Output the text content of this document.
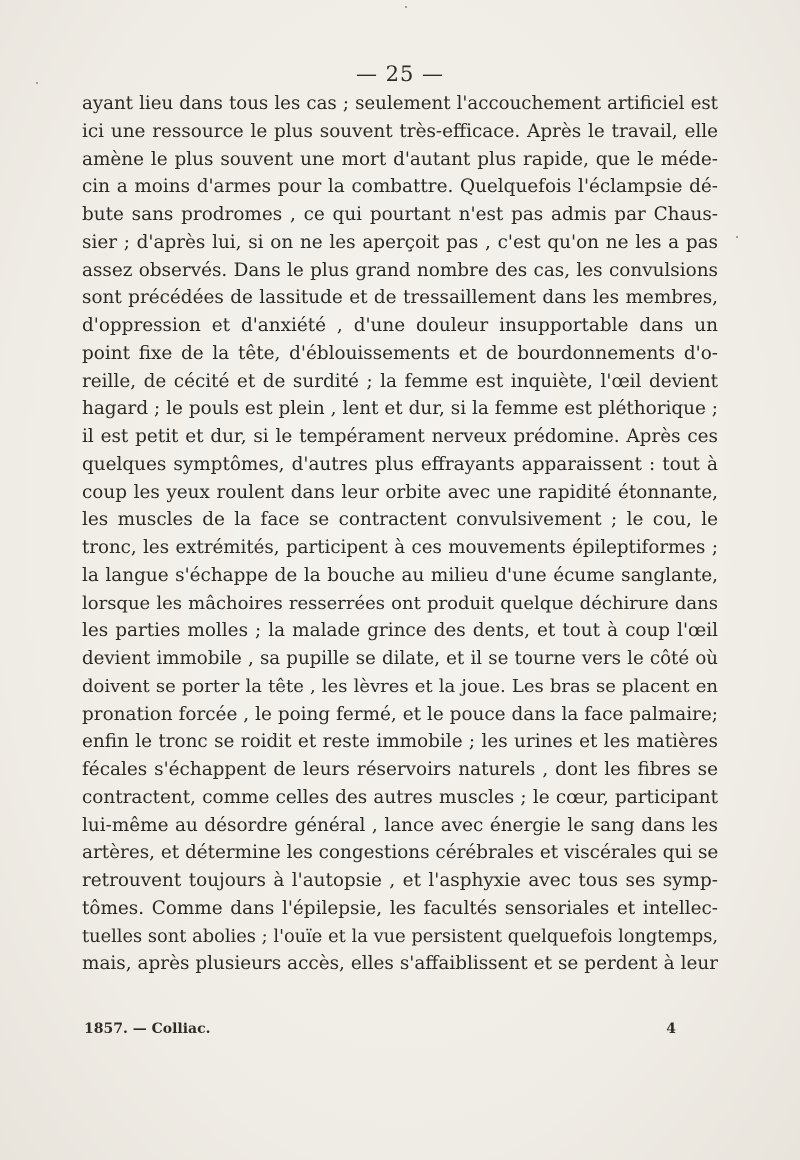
— 25 —
ayant lieu dans tous les cas ; seulement l'accouchement artificiel est
ici une ressource le plus souvent très-efficace. Après le travail, elle
amène le plus souvent une mort d'autant plus rapide, que le méde-
cin a moins d'armes pour la combattre. Quelquefois l'éclampsie dé-
bute sans prodromes , ce qui pourtant n'est pas admis par Chaus-
sier ; d'après lui, si on ne les aperçoit pas , c'est qu'on ne les a pas
assez observés. Dans le plus grand nombre des cas, les convulsions
sont précédées de lassitude et de tressaillement dans les membres,
d'oppression et d'anxiété , d'une douleur insupportable dans un
point fixe de la tête, d'éblouissements et de bourdonnements d'o-
reille, de cécité et de surdité ; la femme est inquiète, l'œil devient
hagard ; le pouls est plein , lent et dur, si la femme est pléthorique ;
il est petit et dur, si le tempérament nerveux prédomine. Après ces
quelques symptômes, d'autres plus effrayants apparaissent : tout à
coup les yeux roulent dans leur orbite avec une rapidité étonnante,
les muscles de la face se contractent convulsivement ; le cou, le
tronc, les extrémités, participent à ces mouvements épileptiformes ;
la langue s'échappe de la bouche au milieu d'une écume sanglante,
lorsque les mâchoires resserrées ont produit quelque déchirure dans
les parties molles ; la malade grince des dents, et tout à coup l'œil
devient immobile , sa pupille se dilate, et il se tourne vers le côté où
doivent se porter la tête , les lèvres et la joue. Les bras se placent en
pronation forcée , le poing fermé, et le pouce dans la face palmaire;
enfin le tronc se roidit et reste immobile ; les urines et les matières
fécales s'échappent de leurs réservoirs naturels , dont les fibres se
contractent, comme celles des autres muscles ; le cœur, participant
lui-même au désordre général , lance avec énergie le sang dans les
artères, et détermine les congestions cérébrales et viscérales qui se
retrouvent toujours à l'autopsie , et l'asphyxie avec tous ses symp-
tômes. Comme dans l'épilepsie, les facultés sensoriales et intellec-
tuelles sont abolies ; l'ouïe et la vue persistent quelquefois longtemps,
mais, après plusieurs accès, elles s'affaiblissent et se perdent à leur
1857. — Colliac.	4
